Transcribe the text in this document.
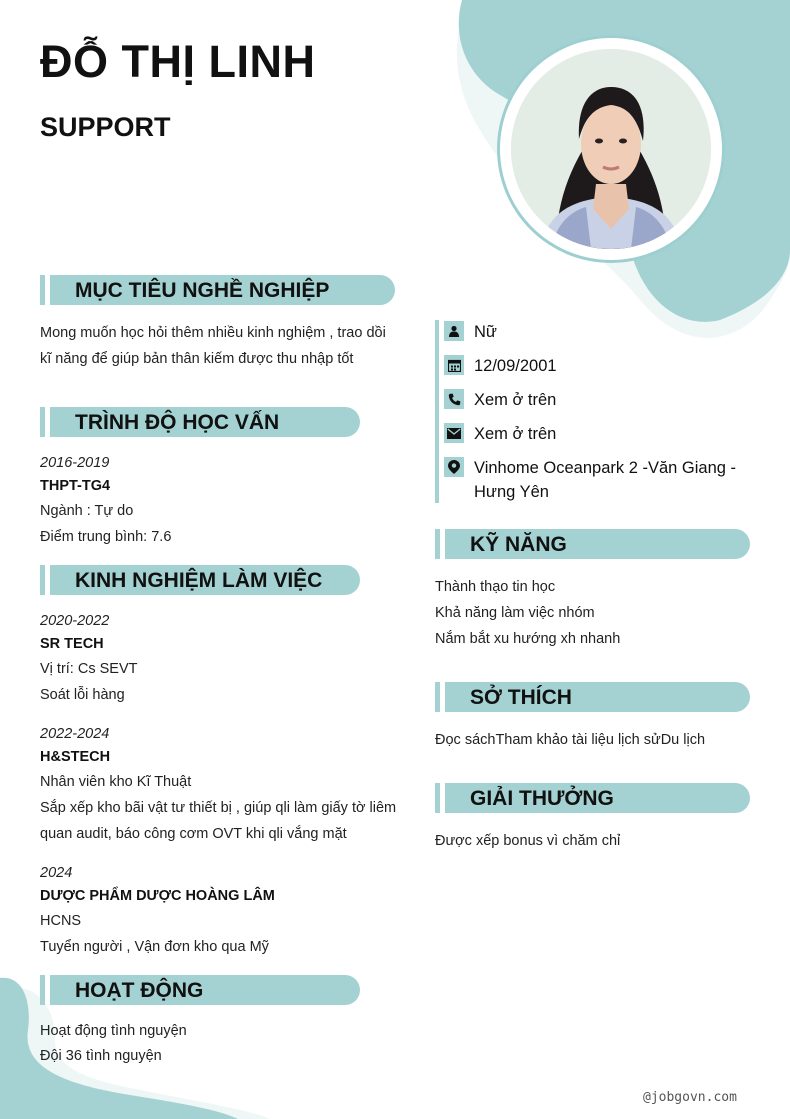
ĐỖ THỊ LINH
SUPPORT
MỤC TIÊU NGHỀ NGHIỆP
Mong muốn học hỏi thêm nhiều kinh nghiệm , trao dồi kĩ năng để giúp bản thân kiếm được thu nhập tốt
TRÌNH ĐỘ HỌC VẤN
2016-2019
THPT-TG4
Ngành : Tự do
Điểm trung bình: 7.6
KINH NGHIỆM LÀM VIỆC
2020-2022
SR TECH
Vị trí: Cs SEVT
Soát lỗi hàng
2022-2024
H&STECH
Nhân viên kho Kĩ Thuật
Sắp xếp kho bãi vật tư thiết bị , giúp qli làm giấy tờ liêm quan audit, báo công cơm OVT khi qli vắng mặt
2024
DƯỢC PHẨM DƯỢC HOÀNG LÂM
HCNS
Tuyển người , Vận đơn kho qua Mỹ
HOẠT ĐỘNG
Hoạt động tình nguyện
Đội 36 tình nguyện
Nữ
12/09/2001
Xem ở trên
Xem ở trên
Vinhome Oceanpark 2 -Văn Giang - Hưng Yên
KỸ NĂNG
Thành thạo tin học
Khả năng làm việc nhóm
Nắm bắt xu hướng xh nhanh
SỞ THÍCH
Đọc sáchTham khảo tài liệu lịch sửDu lịch
GIẢI THƯỞNG
Được xếp bonus vì chăm chỉ
@jobgovn.com
